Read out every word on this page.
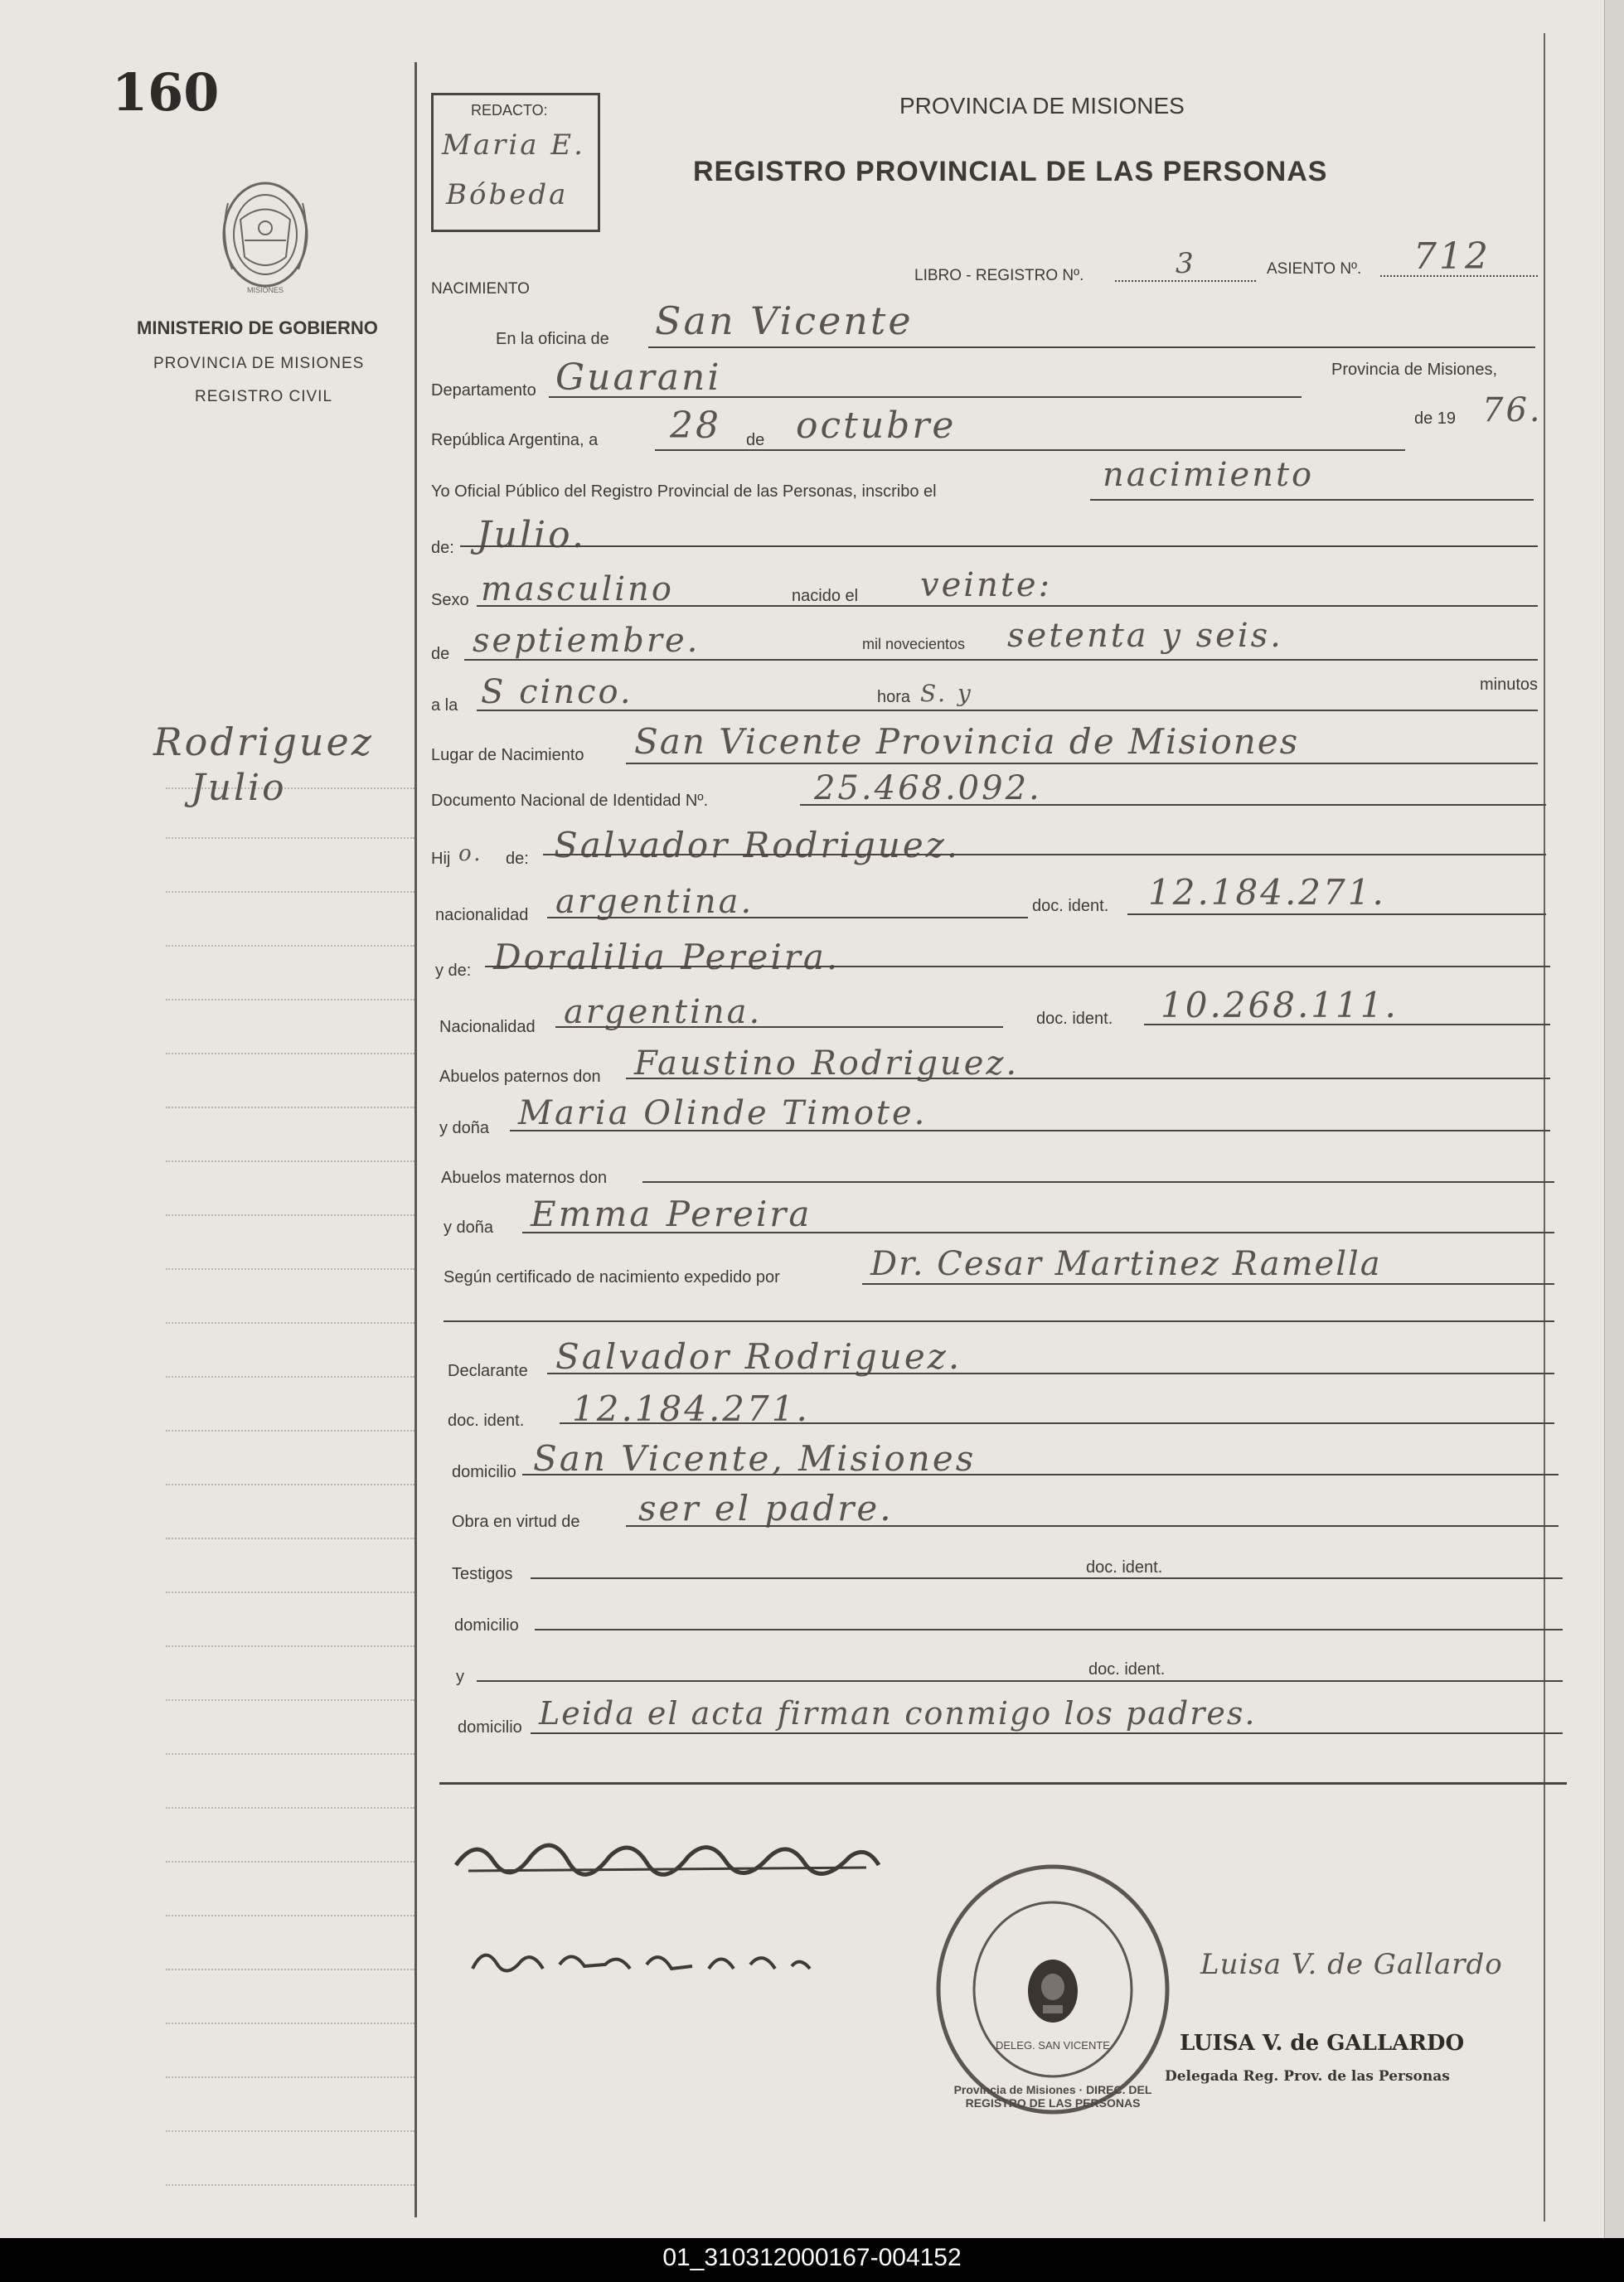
160
MISIONES
MINISTERIO DE GOBIERNO
PROVINCIA DE MISIONES
REGISTRO CIVIL
REDACTO:
Maria E.
Bóbeda
PROVINCIA DE MISIONES
REGISTRO PROVINCIAL DE LAS PERSONAS
NACIMIENTO
LIBRO - REGISTRO Nº.	3	ASIENTO Nº. 712
En la oficina de San Vicente
Departamento Guarani	Provincia de Misiones,
República Argentina, a 28 de octubre	de 19 76.
Yo Oficial Público del Registro Provincial de las Personas, inscribo el	nacimiento
de: Julio.
Sexo masculino	nacido el veinte:
de septiembre.	mil novecientos setenta y seis.
a la S cinco.	hora S. y	minutos
Lugar de Nacimiento San Vicente Provincia de Misiones
Documento Nacional de Identidad Nº.	25.468.092.
Hij o. de: Salvador Rodriguez.
nacionalidad argentina.	doc. ident. 12.184.271.
y de: Doralilia Pereira.
Nacionalidad argentina.	doc. ident. 10.268.111.
Abuelos paternos don Faustino Rodriguez.
y doña Maria Olinde Timote.
Abuelos maternos don
y doña Emma Pereira
Según certificado de nacimiento expedido por	Dr. Cesar Martinez Ramella
Declarante Salvador Rodriguez.
doc. ident. 12.184.271.
domicilio San Vicente, Misiones
Obra en virtud de ser el padre.
Testigos	doc. ident.
domicilio
y	doc. ident.
domicilio Leida el acta firman conmigo los padres.
Rodriguez
Julio
Provincia de Misiones · DIREC. DEL REGISTRO DE LAS PERSONAS
DELEG. SAN VICENTE
Luisa V. de Gallardo
LUISA V. de GALLARDO
Delegada Reg. Prov. de las Personas
01_310312000167-004152
